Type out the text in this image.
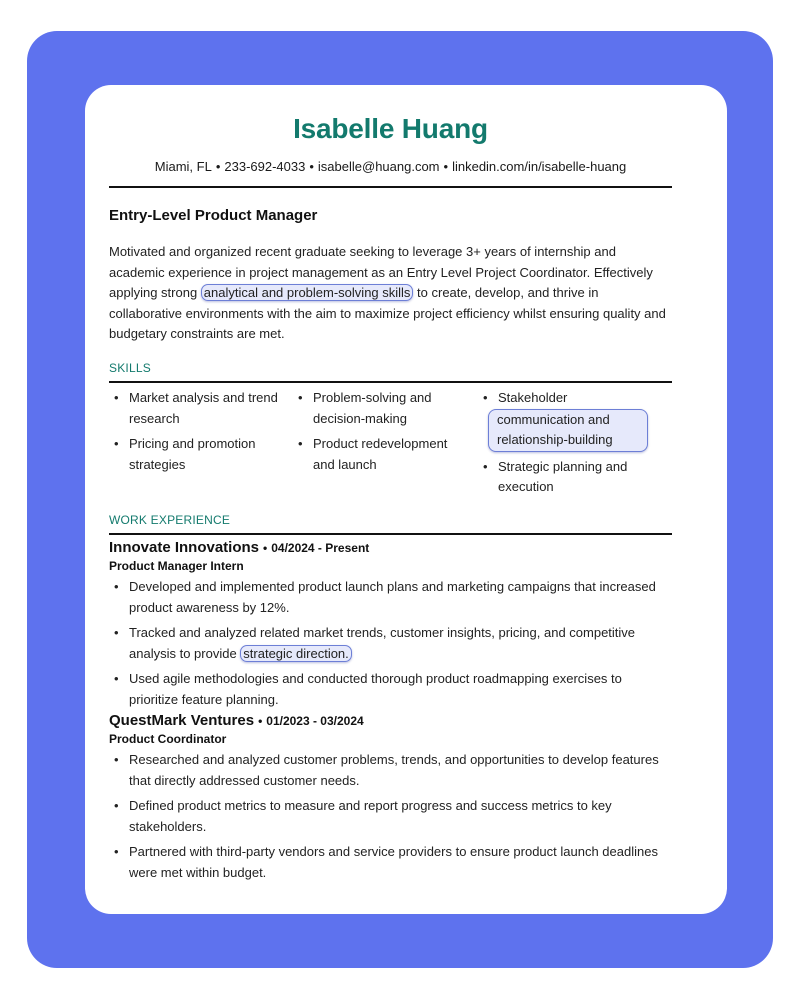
Isabelle Huang
Miami, FL • 233-692-4033 • isabelle@huang.com • linkedin.com/in/isabelle-huang
Entry-Level Product Manager

Motivated and organized recent graduate seeking to leverage 3+ years of internship and academic experience in project management as an Entry Level Project Coordinator. Effectively applying strong analytical and problem-solving skills to create, develop, and thrive in collaborative environments with the aim to maximize project efficiency whilst ensuring quality and budgetary constraints are met.

SKILLS
• Market analysis and trend research
• Pricing and promotion strategies
• Problem-solving and decision-making
• Product redevelopment and launch
• Stakeholder
communication and relationship-building
• Strategic planning and execution
WORK EXPERIENCE
Innovate Innovations • 04/2024 - Present
Product Manager Intern
• Developed and implemented product launch plans and marketing campaigns that increased product awareness by 12%.
• Tracked and analyzed related market trends, customer insights, pricing, and competitive analysis to provide strategic direction.
• Used agile methodologies and conducted thorough product roadmapping exercises to prioritize feature planning.
QuestMark Ventures • 01/2023 - 03/2024
Product Coordinator
• Researched and analyzed customer problems, trends, and opportunities to develop features that directly addressed customer needs.
• Defined product metrics to measure and report progress and success metrics to key stakeholders.
• Partnered with third-party vendors and service providers to ensure product launch deadlines were met within budget.
